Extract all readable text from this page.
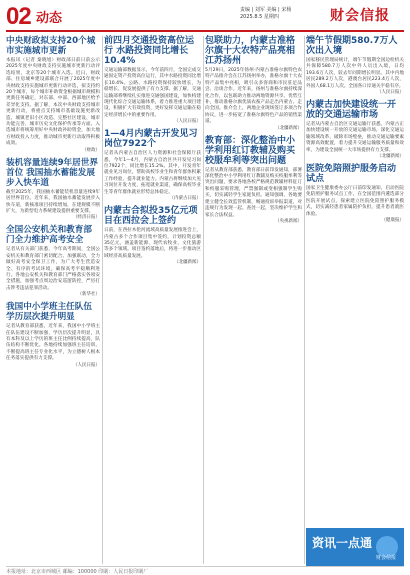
02 动态
责编 | 刘军 美编 | 宋杨
2025.8.5 星期四	财会信报
中央财政拟支持20个城市实施城市更新

本报讯（记者 秦晓旭）财政部日前日前公示2025年度中央财政支持实施城市更新行动评选结果，北京等20个城市入选。近日，财政部、住房城乡建设部联合开展了2025年度中央财政支持实施城市更新行动评选，拟支持约20个城市，每个城市补助资金根据城市规模和更新任务确定，对东部、中部、西部地区给予差异化支持。据了解，本次中央财政支持城市更新行动，将重点支持城市基础设施更新改造、城镇老旧小区改造、完整社区建设、城市功能完善、城市历史文化保护传承等方面。入选城市将统筹用好中央财政补助资金，加大地方财政投入力度，推动城市更新行动取得积极成效。

（财政）
装机容量连续9年居世界首位 我国抽水蓄能发展步入快车道

截至2025年，我国抽水蓄能装机容量连续9年居世界首位。近年来，我国抽水蓄能发展步入快车道，新核准项目持续增加，在建规模不断扩大，为新型电力系统建设提供重要支撑。

（经济日报）
全国公安机关和教育部门全力维护高考安全

记者从有关部门获悉，今年高考期间，全国公安机关和教育部门密切配合、加强联动，全力做好高考安全保卫工作，为广大考生营造安全、有序的考试环境，确保高考平稳顺利进行。各地公安机关和教育部门严格落实各项安全措施，加强考点周边治安巡逻防控，严厉打击涉考违法犯罪活动。

（新华社）
我国中小学班主任队伍学历层次提升明显

记者从教育部获悉，近年来，我国中小学班主任队伍建设不断加强，学历层次提升明显，具有本科及以上学历的班主任比例持续提高，队伍结构不断优化。各地持续加强班主任培训，不断提高班主任专业化水平，为立德树人根本任务落实提供有力支撑。

（人民日报）
前四月交通投资高位运行 水路投资同比增长10.4%

交通运输部数据显示，今年前四月，全国完成交通固定资产投资高位运行，其中水路投资同比增长10.4%。公路、水路投资保持较快增长，为稳增长、促发展提供了有力支撑。据了解，交通运输部将继续扎实推进交通强国建设，加快构建现代化综合交通运输体系，着力推进重大项目建设，积极扩大有效投资，更好发挥交通运输在稳定经济增长中的重要作用。

（人民日报）
1—4月内蒙古开发见习岗位7922个

记者从内蒙古自治区人力资源和社会保障厅获悉，今年1—4月，内蒙古自治区共开发见习岗位7922个，同比增长15.2%。其中，开发青年就业见习岗位，帮助高校毕业生和青年群体积累工作经验、提升就业能力。内蒙古将继续加大见习岗位开发力度，拓宽就业渠道，确保高校毕业生等青年群体就业形势总体稳定。

（内蒙古日报）
内蒙古合拟投35亿元项目在西拉会上签约

日前，在西拉木伦河流域高质量发展推进会上，内蒙古多个合作项目集中签约，计划投资总额35亿元，涵盖新能源、现代农牧业、文化旅游等多个领域。项目签约落地后，将进一步推动区域经济高质量发展。

（北疆新闻）
包联助力，内蒙古准格尔旗十大农特产品亮相江苏扬州

5月29日，2025年扬州·内蒙古准格尔旗特色农特产品推介会在江苏扬州举办，准格尔旗十大农特产品集中亮相，吸引众多客商和市民驻足品尝、洽谈合作。近年来，扬州与准格尔旗持续深化合作，以包联助力推动两地资源共享、优势互补，推动准格尔旗优质农畜产品走出内蒙古、走向全国。推介会上，两地企业现场签订多项合作协议，进一步拓宽了准格尔旗特色产品的销售渠道。

（北疆新闻）
教育部：深化整治中小学利用红订教辅及购买校服牟利等突出问题

记者从教育部获悉，教育部日前印发通知，部署深化整治中小学利用红订教辅及购买校服牟利等突出问题，要求各地各校严格规范教辅材料征订和校服采购管理，严禁强制或变相强制学生购买，切实减轻学生家庭负担。通知强调，各地要建立健全长效监管机制，畅通投诉举报渠道，对违规行为发现一起、查处一起，坚决维护学生和家长合法权益。

（央视新闻）
端午节假期580.7万人次出入境

国家移民管理局统计，端午节假期全国边检机关共保障580.7万人次中外人员出入境，日均193.6万人次，较去年同期增长明显。其中内地居民289.2万人次，港澳台居民223.4万人次，外国人68.1万人次。全国各口岸通关平稳有序。

（人民日报）
内蒙古加快建设统一开放的交通运输市场

记者从内蒙古自治区交通运输厅获悉，内蒙古正加快建设统一开放的交通运输市场，深化交通运输领域改革，破除市场壁垒，推动交通运输要素资源高效配置，着力提升交通运输服务质量和效率，为建设全国统一大市场提供有力支撑。

（北疆新闻）
医院免陪照护服务启动试点

国家卫生健康委办公厅日前印发通知，启动医院免陪照护服务试点工作，在全国范围内遴选部分医院开展试点，探索建立医院免陪照护服务模式，切实减轻患者家属陪护负担，提升患者就医体验。

（健康报）
资讯一点通
财会信报
本报地址：北京市西城区 邮编：100000 印刷：人民日报印刷厂
